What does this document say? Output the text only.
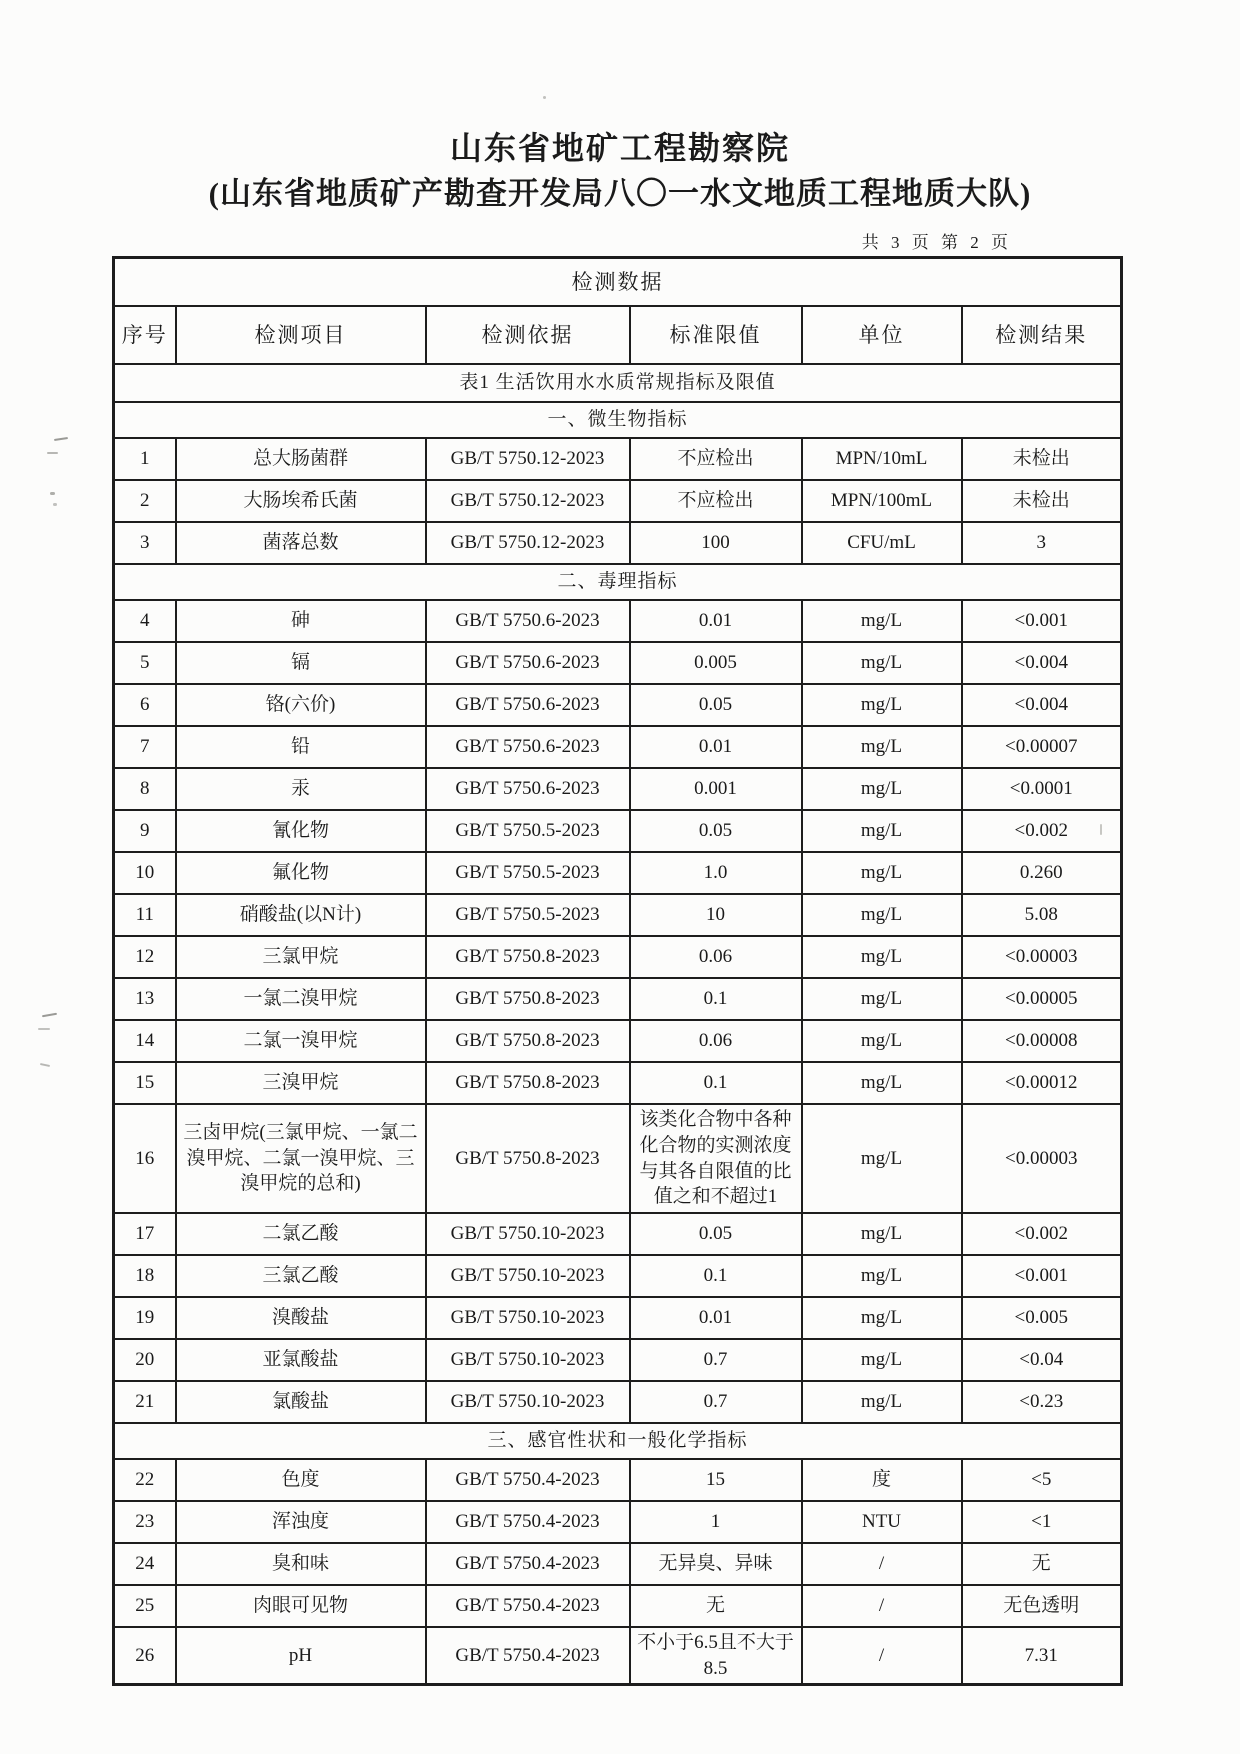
山东省地矿工程勘察院
(山东省地质矿产勘查开发局八〇一水文地质工程地质大队)
共 3 页 第 2 页
检测数据					
序号	检测项目	检测依据	标准限值	单位	检测结果
表1 生活饮用水水质常规指标及限值					
一、微生物指标					
1	总大肠菌群	GB/T 5750.12-2023	不应检出	MPN/10mL	未检出
2	大肠埃希氏菌	GB/T 5750.12-2023	不应检出	MPN/100mL	未检出
3	菌落总数	GB/T 5750.12-2023	100	CFU/mL	3
二、毒理指标					
4	砷	GB/T 5750.6-2023	0.01	mg/L	<0.001
5	镉	GB/T 5750.6-2023	0.005	mg/L	<0.004
6	铬(六价)	GB/T 5750.6-2023	0.05	mg/L	<0.004
7	铅	GB/T 5750.6-2023	0.01	mg/L	<0.00007
8	汞	GB/T 5750.6-2023	0.001	mg/L	<0.0001
9	氰化物	GB/T 5750.5-2023	0.05	mg/L	<0.002
10	氟化物	GB/T 5750.5-2023	1.0	mg/L	0.260
11	硝酸盐(以N计)	GB/T 5750.5-2023	10	mg/L	5.08
12	三氯甲烷	GB/T 5750.8-2023	0.06	mg/L	<0.00003
13	一氯二溴甲烷	GB/T 5750.8-2023	0.1	mg/L	<0.00005
14	二氯一溴甲烷	GB/T 5750.8-2023	0.06	mg/L	<0.00008
15	三溴甲烷	GB/T 5750.8-2023	0.1	mg/L	<0.00012
16	三卤甲烷(三氯甲烷、一氯二溴甲烷、二氯一溴甲烷、三溴甲烷的总和)	GB/T 5750.8-2023	该类化合物中各种化合物的实测浓度与其各自限值的比值之和不超过1	mg/L	<0.00003
17	二氯乙酸	GB/T 5750.10-2023	0.05	mg/L	<0.002
18	三氯乙酸	GB/T 5750.10-2023	0.1	mg/L	<0.001
19	溴酸盐	GB/T 5750.10-2023	0.01	mg/L	<0.005
20	亚氯酸盐	GB/T 5750.10-2023	0.7	mg/L	<0.04
21	氯酸盐	GB/T 5750.10-2023	0.7	mg/L	<0.23
三、感官性状和一般化学指标					
22	色度	GB/T 5750.4-2023	15	度	<5
23	浑浊度	GB/T 5750.4-2023	1	NTU	<1
24	臭和味	GB/T 5750.4-2023	无异臭、异味	/	无
25	肉眼可见物	GB/T 5750.4-2023	无	/	无色透明
26	pH	GB/T 5750.4-2023	不小于6.5且不大于8.5	/	7.31
